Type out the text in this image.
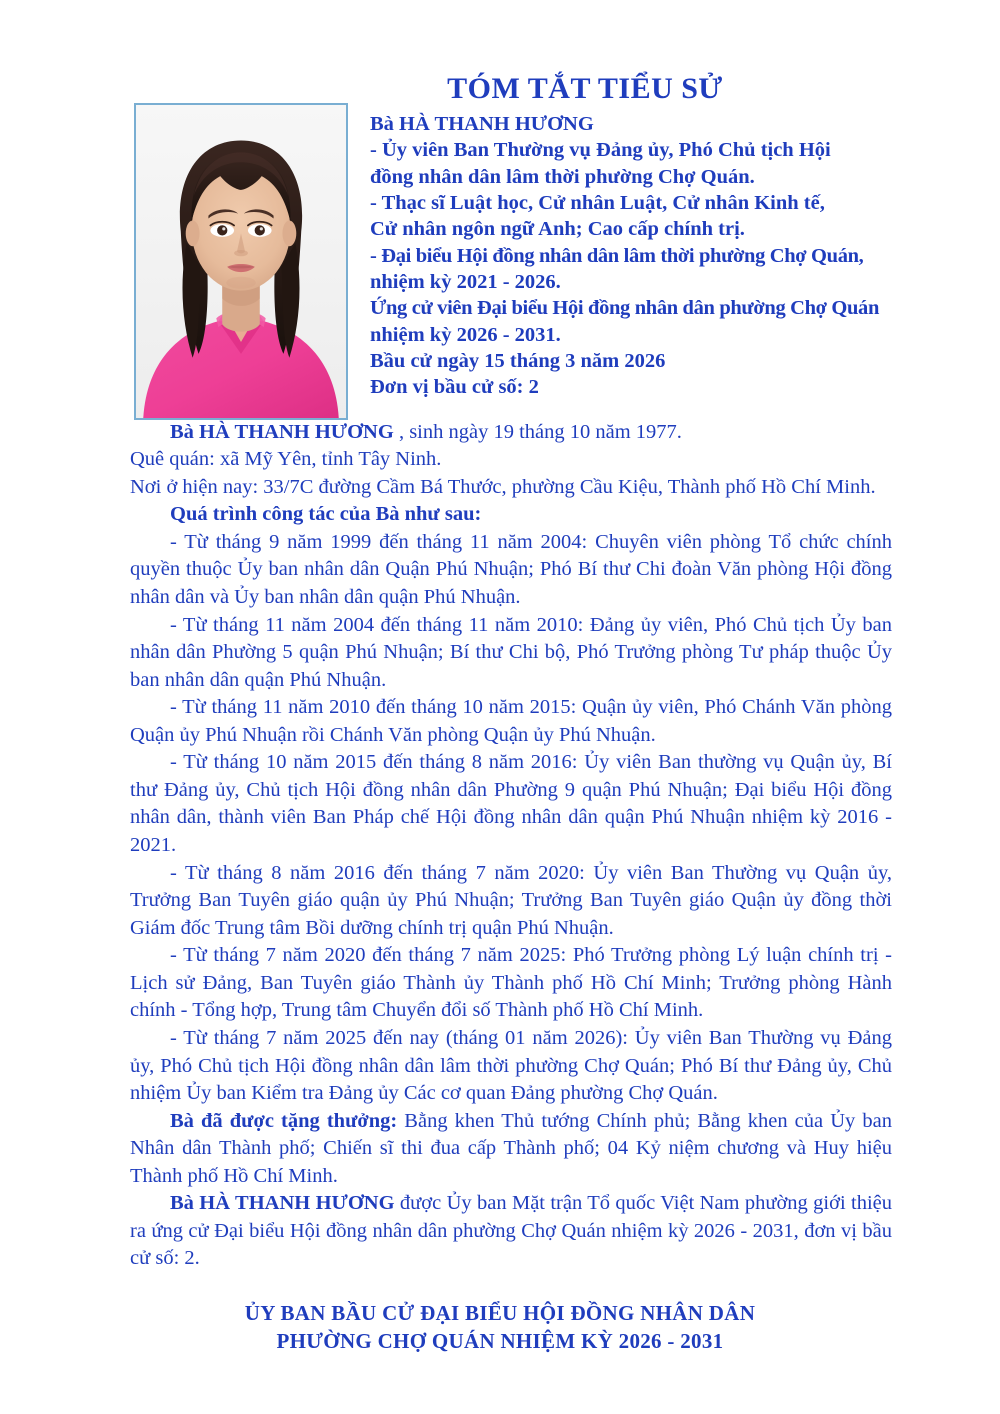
TÓM TẮT TIỂU SỬ
Bà HÀ THANH HƯƠNG
- Ủy viên Ban Thường vụ Đảng ủy, Phó Chủ tịch Hội
đồng nhân dân lâm thời phường Chợ Quán.
- Thạc sĩ Luật học, Cử nhân Luật, Cử nhân Kinh tế,
Cử nhân ngôn ngữ Anh; Cao cấp chính trị.
- Đại biểu Hội đồng nhân dân lâm thời phường Chợ Quán,
nhiệm kỳ 2021 - 2026.
Ứng cử viên Đại biểu Hội đồng nhân dân phường Chợ Quán
nhiệm kỳ 2026 - 2031.
Bầu cử ngày 15 tháng 3 năm 2026
Đơn vị bầu cử số: 2

Bà HÀ THANH HƯƠNG , sinh ngày 19 tháng 10 năm 1977.

Quê quán: xã Mỹ Yên, tỉnh Tây Ninh.

Nơi ở hiện nay: 33/7C đường Cầm Bá Thước, phường Cầu Kiệu, Thành phố Hồ Chí Minh.

Quá trình công tác của Bà như sau:

- Từ tháng 9 năm 1999 đến tháng 11 năm 2004: Chuyên viên phòng Tổ chức chính quyền thuộc Ủy ban nhân dân Quận Phú Nhuận; Phó Bí thư Chi đoàn Văn phòng Hội đồng nhân dân và Ủy ban nhân dân quận Phú Nhuận.

- Từ tháng 11 năm 2004 đến tháng 11 năm 2010: Đảng ủy viên, Phó Chủ tịch Ủy ban nhân dân Phường 5 quận Phú Nhuận; Bí thư Chi bộ, Phó Trưởng phòng Tư pháp thuộc Ủy ban nhân dân quận Phú Nhuận.

- Từ tháng 11 năm 2010 đến tháng 10 năm 2015: Quận ủy viên, Phó Chánh Văn phòng Quận ủy Phú Nhuận rồi Chánh Văn phòng Quận ủy Phú Nhuận.

- Từ tháng 10 năm 2015 đến tháng 8 năm 2016: Ủy viên Ban thường vụ Quận ủy, Bí thư Đảng ủy, Chủ tịch Hội đồng nhân dân Phường 9 quận Phú Nhuận; Đại biểu Hội đồng nhân dân, thành viên Ban Pháp chế Hội đồng nhân dân quận Phú Nhuận nhiệm kỳ 2016 - 2021.

- Từ tháng 8 năm 2016 đến tháng 7 năm 2020: Ủy viên Ban Thường vụ Quận ủy, Trưởng Ban Tuyên giáo quận ủy Phú Nhuận; Trưởng Ban Tuyên giáo Quận ủy đồng thời Giám đốc Trung tâm Bồi dưỡng chính trị quận Phú Nhuận.

- Từ tháng 7 năm 2020 đến tháng 7 năm 2025: Phó Trưởng phòng Lý luận chính trị - Lịch sử Đảng, Ban Tuyên giáo Thành ủy Thành phố Hồ Chí Minh; Trưởng phòng Hành chính - Tổng hợp, Trung tâm Chuyển đổi số Thành phố Hồ Chí Minh.

- Từ tháng 7 năm 2025 đến nay (tháng 01 năm 2026): Ủy viên Ban Thường vụ Đảng ủy, Phó Chủ tịch Hội đồng nhân dân lâm thời phường Chợ Quán; Phó Bí thư Đảng ủy, Chủ nhiệm Ủy ban Kiểm tra Đảng ủy Các cơ quan Đảng phường Chợ Quán.

Bà đã được tặng thưởng: Bằng khen Thủ tướng Chính phủ; Bằng khen của Ủy ban Nhân dân Thành phố; Chiến sĩ thi đua cấp Thành phố; 04 Kỷ niệm chương và Huy hiệu Thành phố Hồ Chí Minh.

Bà HÀ THANH HƯƠNG được Ủy ban Mặt trận Tổ quốc Việt Nam phường giới thiệu ra ứng cử Đại biểu Hội đồng nhân dân phường Chợ Quán nhiệm kỳ 2026 - 2031, đơn vị bầu cử số: 2.

ỦY BAN BẦU CỬ ĐẠI BIỂU HỘI ĐỒNG NHÂN DÂN
PHƯỜNG CHỢ QUÁN NHIỆM KỲ 2026 - 2031
